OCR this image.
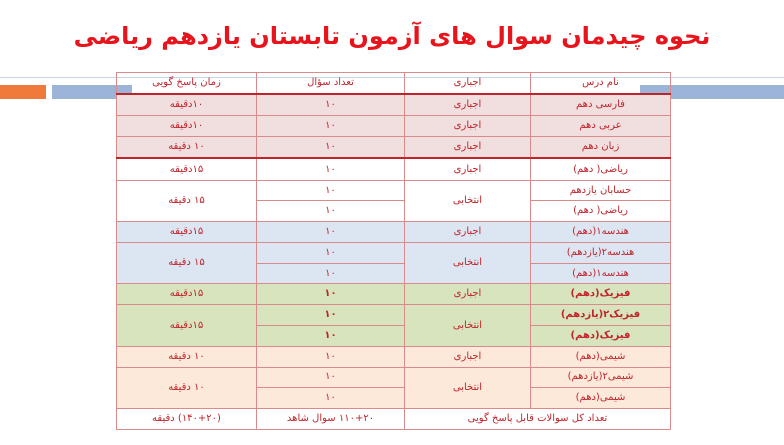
نحوه چیدمان سوال های آزمون تابستان یازدهم ریاضی
نام درس	اجباری	تعداد سؤال	زمان پاسخ گویی
فارسی دهم	اجباری	۱۰	۱۰دقیقه
عربی دهم	اجباری	۱۰	۱۰دقیقه
زبان دهم	اجباری	۱۰	۱۰ دقیقه
ریاضی( دهم)	اجباری	۱۰	۱۵دقیقه
حسابان یازدهم	انتخابی	۱۰	۱۵ دقیقه
ریاضی( دهم)		۱۰	
هندسه۱(دهم)	اجباری	۱۰	۱۵دقیقه
هندسه۲(یازدهم)	انتخابی	۱۰	۱۵ دقیقه
هندسه۱(دهم)		۱۰	
فیزیک(دهم)	اجباری	۱۰	۱۵دقیقه
فیزیک۲(یازدهم)	انتخابی	۱۰	۱۵دقیقه
فیزیک(دهم)		۱۰	
شیمی(دهم)	اجباری	۱۰	۱۰ دقیقه
شیمی۲(یازدهم)	انتخابی	۱۰	۱۰ دقیقه
شیمی(دهم)		۱۰	
تعداد کل سوالات قابل پاسخ گویی		۱۱۰+۲۰ سوال شاهد	(۱۴۰+۲۰) دقیقه
